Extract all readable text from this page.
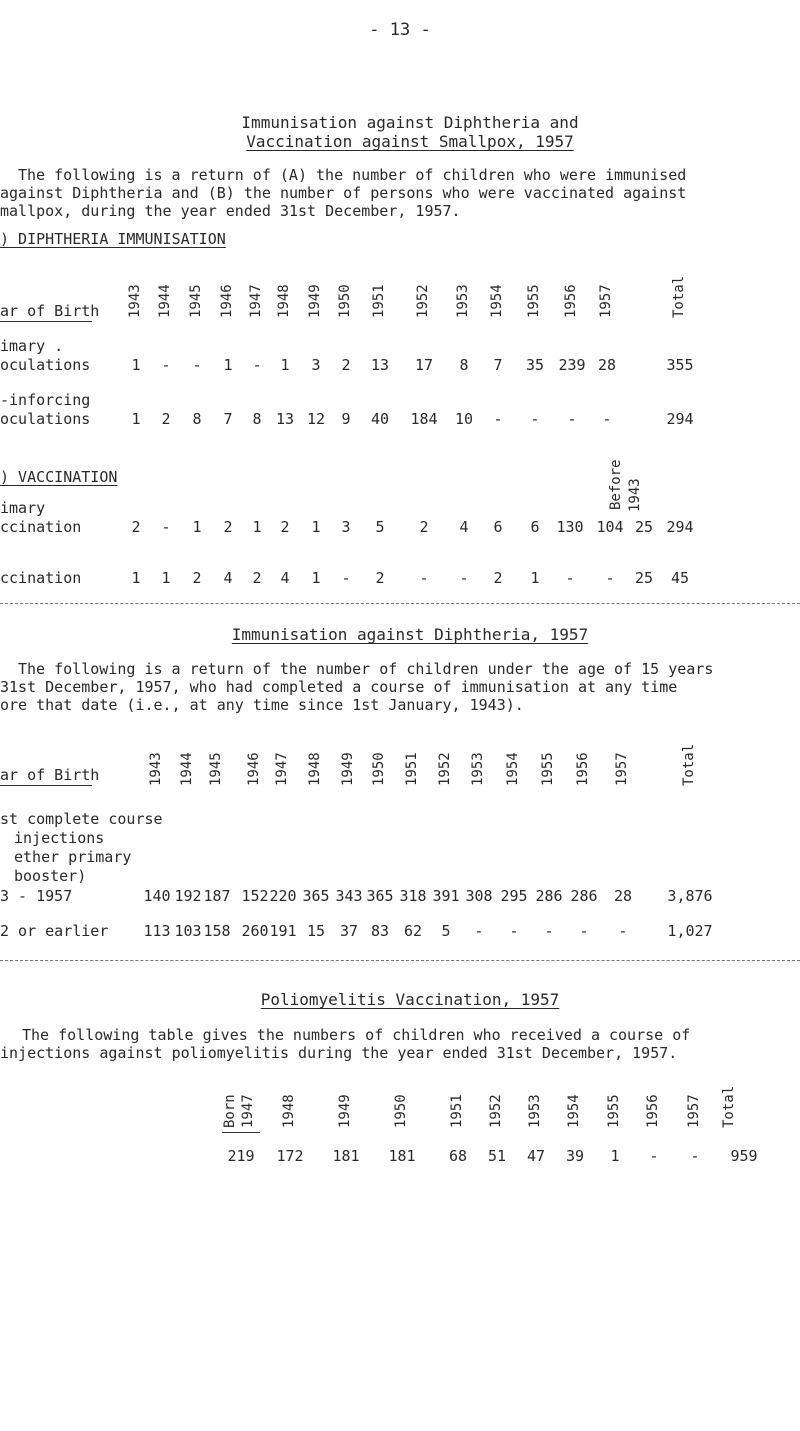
- 13 -
Immunisation against Diphtheria and
Vaccination against Smallpox, 1957
The following is a return of (A) the number of children who were immunised
against Diphtheria and (B) the number of persons who were vaccinated against
mallpox, during the year ended 31st December, 1957.
) DIPHTHERIA IMMUNISATION
ar of Birth 1943 1944 1945 1946 1947 1948 1949 1950 1951 1952 1953 1954 1955 1956 1957	Total
imary .
oculations	1 - - 1 - 1 3 2 13 17 8 7 35 239 28	355
-inforcing
oculations	1 2 8 7 8 13 12 9 40 184 10 - - - -	294
) VACCINATION	Before 1943
imary
ccination	2 - 1 2 1 2 1 3 5 2 4 6 6 130 104 25 294
ccination	1 1 2 4 2 4 1 - 2 - - 2 1 - - 25 45
Immunisation against Diphtheria, 1957
The following is a return of the number of children under the age of 15 years
31st December, 1957, who had completed a course of immunisation at any time
ore that date (i.e., at any time since 1st January, 1943).
ar of Birth	1943 1944 1945 1946 1947 1948 1949 1950 1951 1952 1953 1954 1955 1956 1957	Total
st complete course
injections
ether primary
booster)
3 - 1957	140 192 187 152 220 365 343 365 318 391 308 295 286 286 28 3,876
2 or earlier 113 103 158 260 191 15 37 83 62 5 - - - - -	1,027
Poliomyelitis Vaccination, 1957
The following table gives the numbers of children who received a course of
injections against poliomyelitis during the year ended 31st December, 1957.
Born 1947 1948	1949	1950	1951 1952 1953 1954 1955 1956 1957 Total
219 172 181 181 68 51 47 39 1 - - 959
